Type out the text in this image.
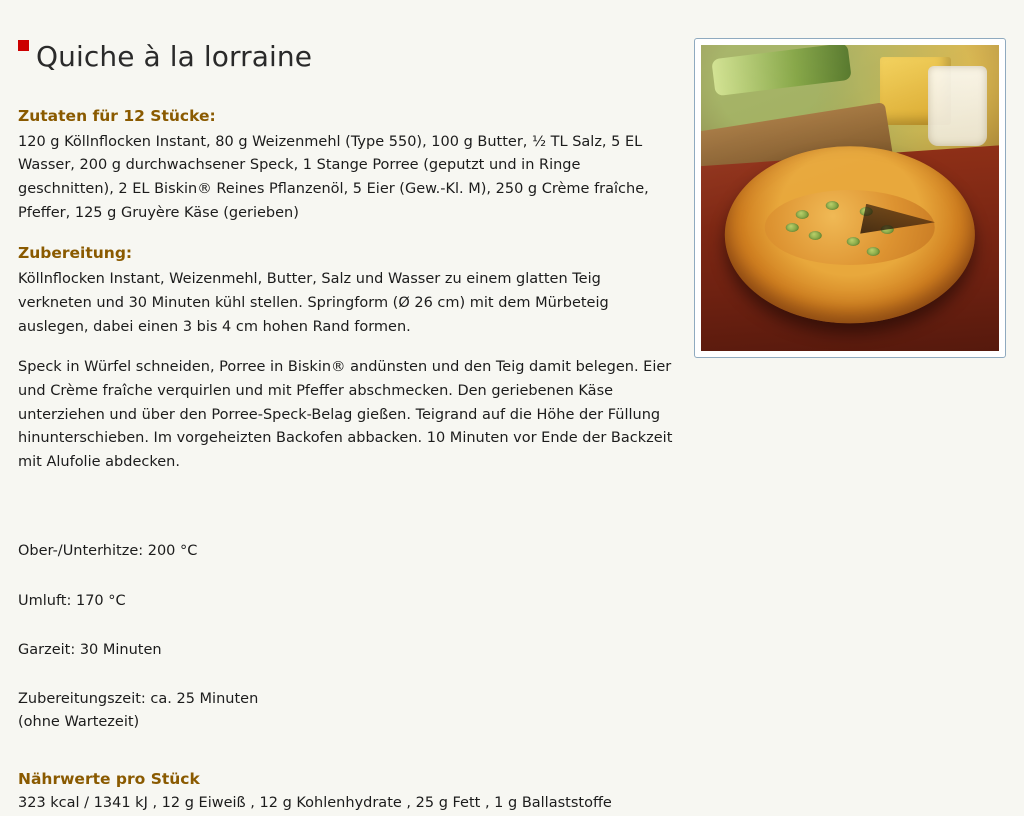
Quiche à la lorraine
Zutaten für 12 Stücke:

120 g Köllnflocken Instant, 80 g Weizenmehl (Type 550), 100 g Butter, ½ TL Salz, 5 EL Wasser, 200 g durchwachsener Speck, 1 Stange Porree (geputzt und in Ringe geschnitten), 2 EL Biskin® Reines Pflanzenöl, 5 Eier (Gew.-Kl. M), 250 g Crème fraîche, Pfeffer, 125 g Gruyère Käse (gerieben)

Zubereitung:

Köllnflocken Instant, Weizenmehl, Butter, Salz und Wasser zu einem glatten Teig verkneten und 30 Minuten kühl stellen. Springform (Ø 26 cm) mit dem Mürbeteig auslegen, dabei einen 3 bis 4 cm hohen Rand formen.

Speck in Würfel schneiden, Porree in Biskin® andünsten und den Teig damit belegen. Eier und Crème fraîche verquirlen und mit Pfeffer abschmecken. Den geriebenen Käse unterziehen und über den Porree-Speck-Belag gießen. Teigrand auf die Höhe der Füllung hinunterschieben. Im vorgeheizten Backofen abbacken. 10 Minuten vor Ende der Backzeit mit Alufolie abdecken.

Ober-/Unterhitze: 200 °C
Umluft: 170 °C
Garzeit: 30 Minuten
Zubereitungszeit: ca. 25 Minuten
(ohne Wartezeit)
Nährwerte pro Stück

323 kcal / 1341 kJ , 12 g Eiweiß , 12 g Kohlenhydrate , 25 g Fett , 1 g Ballaststoffe
